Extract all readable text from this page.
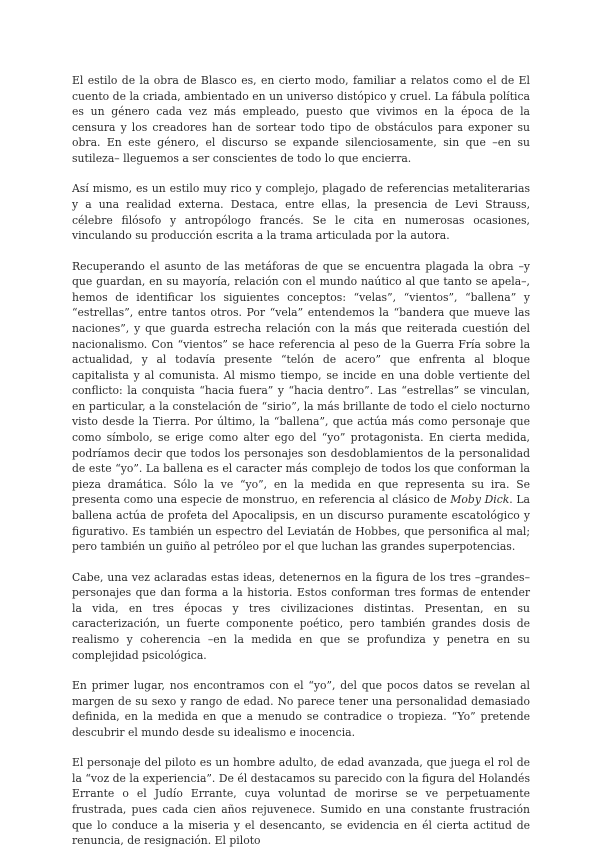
El estilo de la obra de Blasco es, en cierto modo, familiar a relatos como el de El cuento de la criada, ambientado en un universo distópico y cruel. La fábula política es un género cada vez más empleado, puesto que vivimos en la época de la censura y los creadores han de sortear todo tipo de obstáculos para exponer su obra. En este género, el discurso se expande silenciosamente, sin que –en su sutileza– lleguemos a ser conscientes de todo lo que encierra.

Así mismo, es un estilo muy rico y complejo, plagado de referencias metaliterarias y a una realidad externa. Destaca, entre ellas, la presencia de Levi Strauss, célebre filósofo y antropólogo francés. Se le cita en numerosas ocasiones, vinculando su producción escrita a la trama articulada por la autora.

Recuperando el asunto de las metáforas de que se encuentra plagada la obra –y que guardan, en su mayoría, relación con el mundo naútico al que tanto se apela–, hemos de identificar los siguientes conceptos: “velas”, “vientos”, “ballena” y “estrellas”, entre tantos otros. Por “vela” entendemos la “bandera que mueve las naciones”, y que guarda estrecha relación con la más que reiterada cuestión del nacionalismo. Con “vientos” se hace referencia al peso de la Guerra Fría sobre la actualidad, y al todavía presente “telón de acero” que enfrenta al bloque capitalista y al comunista. Al mismo tiempo, se incide en una doble vertiente del conflicto: la conquista “hacia fuera” y “hacia dentro”. Las “estrellas” se vinculan, en particular, a la constelación de “sirio”, la más brillante de todo el cielo nocturno visto desde la Tierra. Por último, la “ballena”, que actúa más como personaje que como símbolo, se erige como alter ego del “yo” protagonista. En cierta medida, podríamos decir que todos los personajes son desdoblamientos de la personalidad de este “yo”. La ballena es el caracter más complejo de todos los que conforman la pieza dramática. Sólo la ve “yo”, en la medida en que representa su ira. Se presenta como una especie de monstruo, en referencia al clásico de Moby Dick. La ballena actúa de profeta del Apocalipsis, en un discurso puramente escatológico y figurativo. Es también un espectro del Leviatán de Hobbes, que personifica al mal; pero también un guiño al petróleo por el que luchan las grandes superpotencias.

Cabe, una vez aclaradas estas ideas, detenernos en la figura de los tres –grandes– personajes que dan forma a la historia. Estos conforman tres formas de entender la vida, en tres épocas y tres civilizaciones distintas. Presentan, en su caracterización, un fuerte componente poético, pero también grandes dosis de realismo y coherencia –en la medida en que se profundiza y penetra en su complejidad psicológica.

En primer lugar, nos encontramos con el “yo”, del que pocos datos se revelan al margen de su sexo y rango de edad. No parece tener una personalidad demasiado definida, en la medida en que a menudo se contradice o tropieza. “Yo” pretende descubrir el mundo desde su idealismo e inocencia.

El personaje del piloto es un hombre adulto, de edad avanzada, que juega el rol de la “voz de la experiencia”. De él destacamos su parecido con la figura del Holandés Errante o el Judío Errante, cuya voluntad de morirse se ve perpetuamente frustrada, pues cada cien años rejuvenece. Sumido en una constante frustración que lo conduce a la miseria y el desencanto, se evidencia en él cierta actitud de renuncia, de resignación. El piloto
